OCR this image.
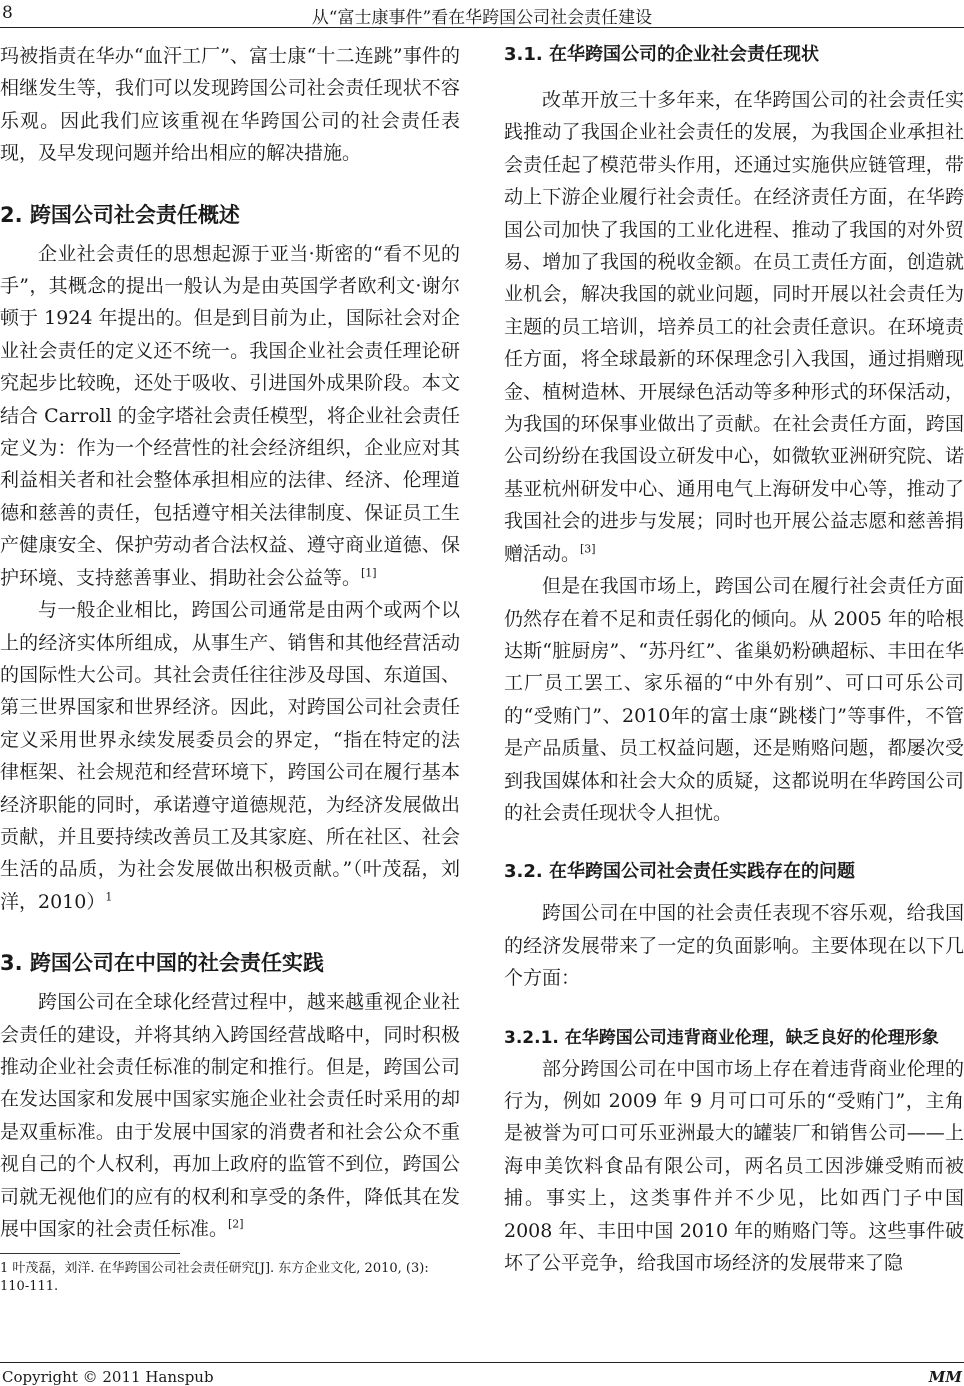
8	从“富士康事件”看在华跨国公司社会责任建设

玛被指责在华办“血汗工厂”、富士康“十二连跳”事件的相继发生等，我们可以发现跨国公司社会责任现状不容乐观。因此我们应该重视在华跨国公司的社会责任表现，及早发现问题并给出相应的解决措施。

2. 跨国公司社会责任概述

企业社会责任的思想起源于亚当·斯密的“看不见的手”，其概念的提出一般认为是由英国学者欧利文·谢尔顿于 1924 年提出的。但是到目前为止，国际社会对企业社会责任的定义还不统一。我国企业社会责任理论研究起步比较晚，还处于吸收、引进国外成果阶段。本文结合 Carroll 的金字塔社会责任模型，将企业社会责任定义为：作为一个经营性的社会经济组织，企业应对其利益相关者和社会整体承担相应的法律、经济、伦理道德和慈善的责任，包括遵守相关法律制度、保证员工生产健康安全、保护劳动者合法权益、遵守商业道德、保护环境、支持慈善事业、捐助社会公益等。[1]

与一般企业相比，跨国公司通常是由两个或两个以上的经济实体所组成，从事生产、销售和其他经营活动的国际性大公司。其社会责任往往涉及母国、东道国、第三世界国家和世界经济。因此，对跨国公司社会责任定义采用世界永续发展委员会的界定，“指在特定的法律框架、社会规范和经营环境下，跨国公司在履行基本经济职能的同时，承诺遵守道德规范，为经济发展做出贡献，并且要持续改善员工及其家庭、所在社区、社会生活的品质，为社会发展做出积极贡献。”（叶茂磊，刘洋，2010）$^1$

3. 跨国公司在中国的社会责任实践

跨国公司在全球化经营过程中，越来越重视企业社会责任的建设，并将其纳入跨国经营战略中，同时积极推动企业社会责任标准的制定和推行。但是，跨国公司在发达国家和发展中国家实施企业社会责任时采用的却是双重标准。由于发展中国家的消费者和社会公众不重视自己的个人权利，再加上政府的监管不到位，跨国公司就无视他们的应有的权利和享受的条件，降低其在发展中国家的社会责任标准。[2]

1 叶茂磊，刘洋. 在华跨国公司社会责任研究[J]. 东方企业文化, 2010, (3): 110-111.
3.1. 在华跨国公司的企业社会责任现状

改革开放三十多年来，在华跨国公司的社会责任实践推动了我国企业社会责任的发展，为我国企业承担社会责任起了模范带头作用，还通过实施供应链管理，带动上下游企业履行社会责任。在经济责任方面，在华跨国公司加快了我国的工业化进程、推动了我国的对外贸易、增加了我国的税收金额。在员工责任方面，创造就业机会，解决我国的就业问题，同时开展以社会责任为主题的员工培训，培养员工的社会责任意识。在环境责任方面，将全球最新的环保理念引入我国，通过捐赠现金、植树造林、开展绿色活动等多种形式的环保活动，为我国的环保事业做出了贡献。在社会责任方面，跨国公司纷纷在我国设立研发中心，如微软亚洲研究院、诺基亚杭州研发中心、通用电气上海研发中心等，推动了我国社会的进步与发展；同时也开展公益志愿和慈善捐赠活动。[3]

但是在我国市场上，跨国公司在履行社会责任方面仍然存在着不足和责任弱化的倾向。从 2005 年的哈根达斯“脏厨房”、“苏丹红”、雀巢奶粉碘超标、丰田在华工厂员工罢工、家乐福的“中外有别”、可口可乐公司的“受贿门”、2010年的富士康“跳楼门”等事件，不管是产品质量、员工权益问题，还是贿赂问题，都屡次受到我国媒体和社会大众的质疑，这都说明在华跨国公司的社会责任现状令人担忧。

3.2. 在华跨国公司社会责任实践存在的问题

跨国公司在中国的社会责任表现不容乐观，给我国的经济发展带来了一定的负面影响。主要体现在以下几个方面：

3.2.1. 在华跨国公司违背商业伦理，缺乏良好的伦理形象

部分跨国公司在中国市场上存在着违背商业伦理的行为，例如 2009 年 9 月可口可乐的“受贿门”，主角是被誉为可口可乐亚洲最大的罐装厂和销售公司——上海申美饮料食品有限公司，两名员工因涉嫌受贿而被捕。事实上，这类事件并不少见，比如西门子中国 2008 年、丰田中国 2010 年的贿赂门等。这些事件破坏了公平竞争，给我国市场经济的发展带来了隐

Copyright © 2011 Hanspub	MM
